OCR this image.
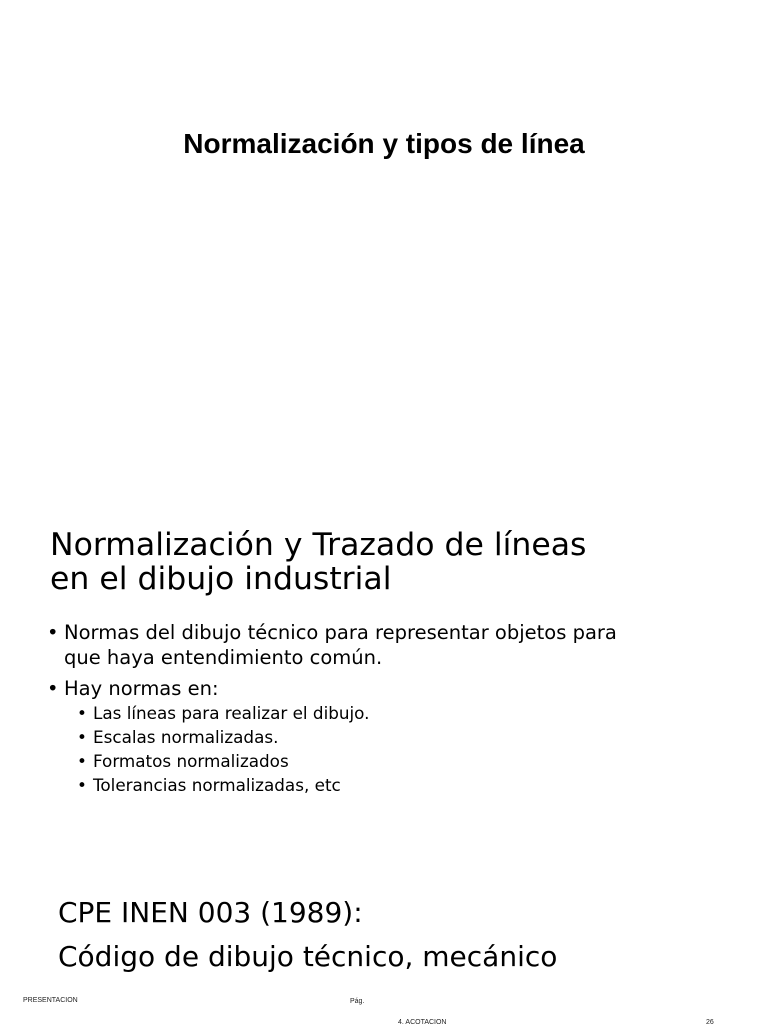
Normalización y tipos de línea
Normalización y Trazado de líneas
en el dibujo industrial
• Normas del dibujo técnico para representar objetos para
que haya entendimiento común.
• Hay normas en:
• Las líneas para realizar el dibujo.
• Escalas normalizadas.
• Formatos normalizados
• Tolerancias normalizadas, etc

CPE INEN 003 (1989):

Código de dibujo técnico, mecánico

PRESENTACION	Pág.
4. ACOTACION	26
